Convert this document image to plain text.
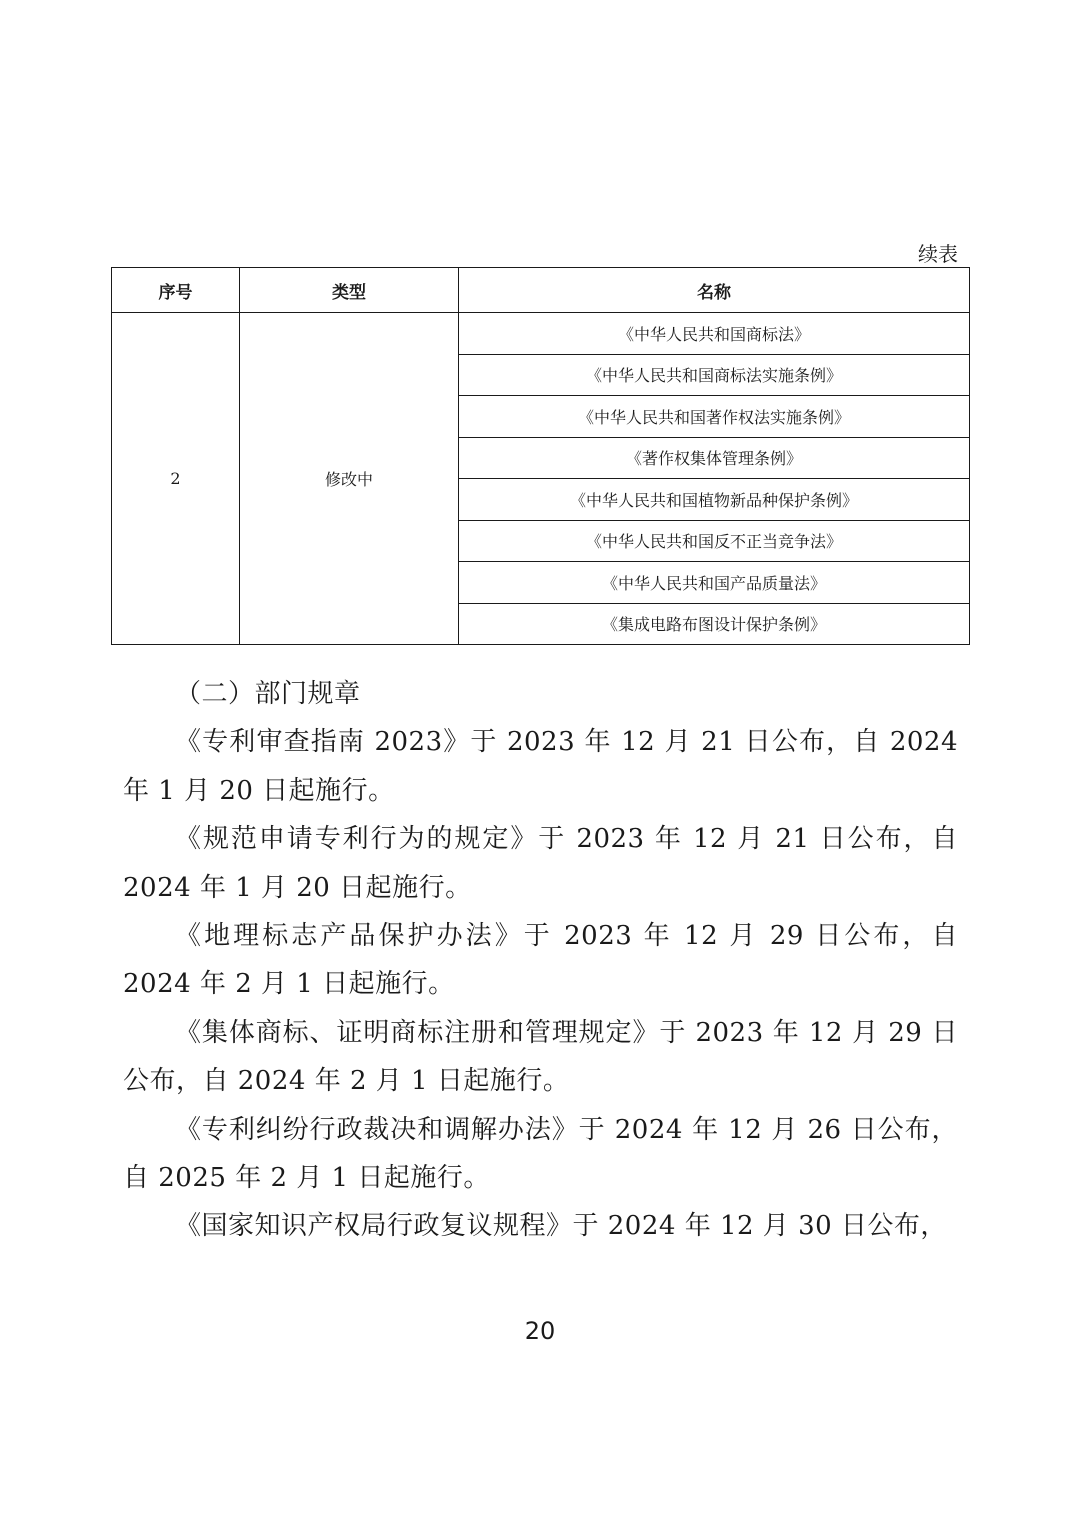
续表
序号	类型	名称
2	修改中	《中华人民共和国商标法》
		《中华人民共和国商标法实施条例》
		《中华人民共和国著作权法实施条例》
		《著作权集体管理条例》
		《中华人民共和国植物新品种保护条例》
		《中华人民共和国反不正当竞争法》
		《中华人民共和国产品质量法》
		《集成电路布图设计保护条例》

（二）部门规章

《专利审查指南 2023》于 2023 年 12 月 21 日公布，自 2024 年 1 月 20 日起施行。

《规范申请专利行为的规定》于 2023 年 12 月 21 日公布，自 2024 年 1 月 20 日起施行。

《地理标志产品保护办法》于 2023 年 12 月 29 日公布，自 2024 年 2 月 1 日起施行。

《集体商标、证明商标注册和管理规定》于 2023 年 12 月 29 日公布，自 2024 年 2 月 1 日起施行。

《专利纠纷行政裁决和调解办法》于 2024 年 12 月 26 日公布，自 2025 年 2 月 1 日起施行。

《国家知识产权局行政复议规程》于 2024 年 12 月 30 日公布，

20
